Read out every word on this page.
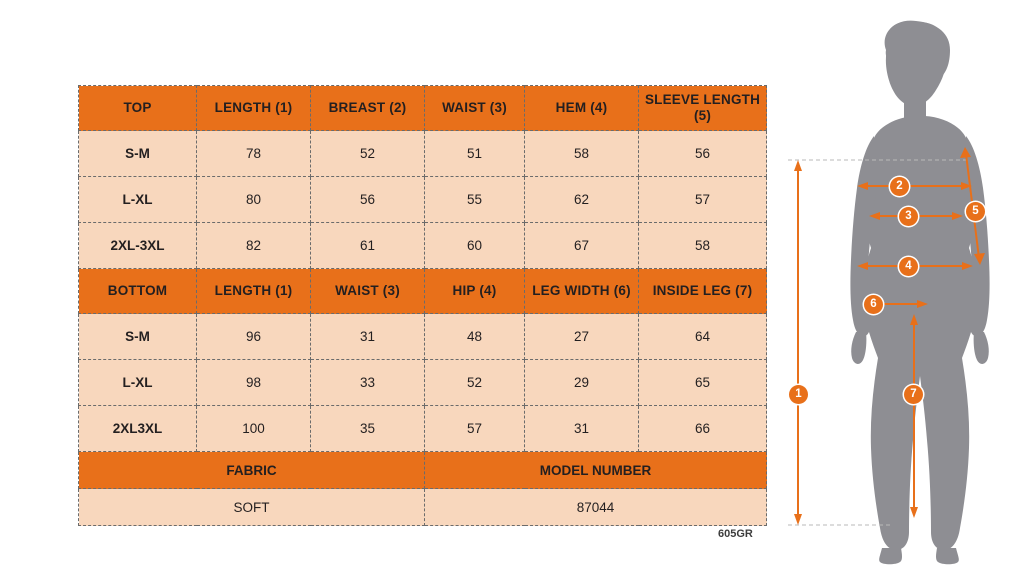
TOP	LENGTH (1)	BREAST (2)	WAIST (3)	HEM (4)	SLEEVE LENGTH (5)
S-M	78	52	51	58	56
L-XL	80	56	55	62	57
2XL-3XL	82	61	60	67	58
BOTTOM	LENGTH (1)	WAIST (3)	HIP (4)	LEG WIDTH (6)	INSIDE LEG (7)
S-M	96	31	48	27	64
L-XL	98	33	52	29	65
2XL3XL	100	35	57	31	66
FABRIC			MODEL NUMBER		
SOFT			87044		
605GR
1
2
3
4
5
6
7
